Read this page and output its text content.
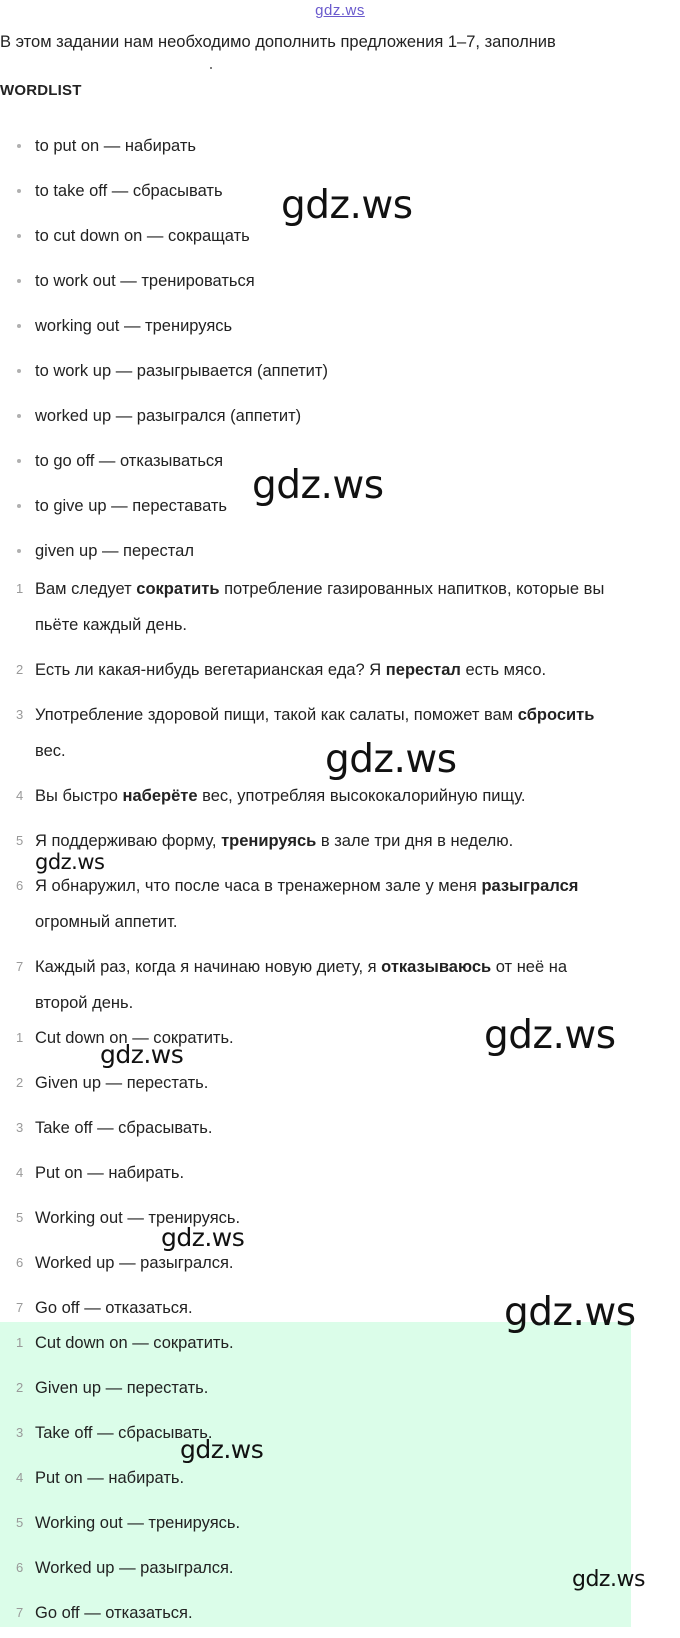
gdz.ws
В этом задании нам необходимо дополнить предложения 1–7, заполнив
WORDLIST
to put on — набирать
to take off — сбрасывать
to cut down on — сокращать
to work out — тренироваться
working out — тренируясь
to work up — разыгрывается (аппетит)
worked up — разыгрался (аппетит)
to go off — отказываться
to give up — переставать
given up — перестал
1 Вам следует сократить потребление газированных напитков, которые вы
пьёте каждый день.
2 Есть ли какая-нибудь вегетарианская еда? Я перестал есть мясо.
3 Употребление здоровой пищи, такой как салаты, поможет вам сбросить
вес.
4 Вы быстро наберёте вес, употребляя высококалорийную пищу.
5 Я поддерживаю форму, тренируясь в зале три дня в неделю.
6 Я обнаружил, что после часа в тренажерном зале у меня разыгрался
огромный аппетит.
7 Каждый раз, когда я начинаю новую диету, я отказываюсь от неё на
второй день.
1 Cut down on — сократить.
2 Given up — перестать.
3 Take off — сбрасывать.
4 Put on — набирать.
5 Working out — тренируясь.
6 Worked up — разыгрался.
7 Go off — отказаться.
1 Cut down on — сократить.
2 Given up — перестать.
3 Take off — сбрасывать.
4 Put on — набирать.
5 Working out — тренируясь.
6 Worked up — разыгрался.
7 Go off — отказаться.
gdz.ws
gdz.ws
gdz.ws
gdz.ws
gdz.ws
gdz.ws
gdz.ws
gdz.ws
gdz.ws
gdz.ws
